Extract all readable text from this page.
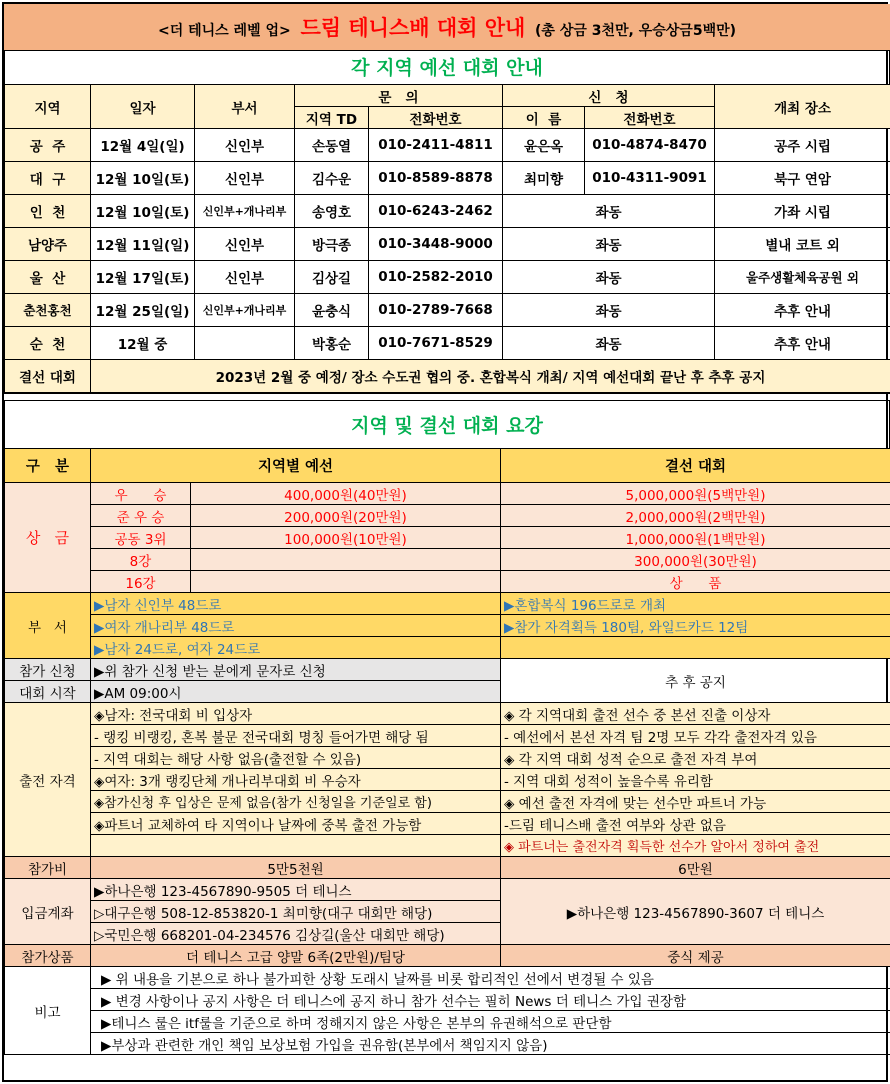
<더 테니스 레벨 업> 드림 테니스배 대회 안내 (총 상금 3천만, 우승상금5백만)
각 지역 예선 대회 안내
지역	일자	부서	문   의		신   청		개최 장소
			지역 TD	전화번호	이  름	전화번호	
공  주	12월 4일(일)	신인부	손동열	010-2411-4811	윤은옥	010-4874-8470	공주 시립
대  구	12월 10일(토)	신인부	김수운	010-8589-8878	최미향	010-4311-9091	북구 연암
인  천	12월 10일(토)	신인부+개나리부	송영호	010-6243-2462	좌동		가좌 시립
남양주	12월 11일(일)	신인부	방극종	010-3448-9000	좌동		별내 코트 외
울  산	12월 17일(토)	신인부	김상길	010-2582-2010	좌동		울주생활체육공원 외
춘천홍천	12월 25일(일)	신인부+개나리부	윤충식	010-2789-7668	좌동		추후 안내
순  천	12월 중		박홍순	010-7671-8529	좌동		추후 안내
결선 대회	2023년 2월 중 예정/ 장소 수도권 협의 중. 혼합복식 개최/ 지역 예선대회 끝난 후 추후 공지						
지역 및 결선 대회 요강
구   분	지역별 예선		결선 대회
상   금	우      승	400,000원(40만원)	5,000,000원(5백만원)
	준 우 승	200,000원(20만원)	2,000,000원(2백만원)
	공동 3위	100,000원(10만원)	1,000,000원(1백만원)
	8강		300,000원(30만원)
	16강		상      품
부   서	▶남자 신인부 48드로		▶혼합복식 196드로로 개최
	▶여자 개나리부 48드로		▶참가 자격획득 180팀, 와일드카드 12팀
	▶남자 24드로, 여자 24드로		
참가 신청	▶위 참가 신청 받는 분에게 문자로 신청		추 후 공지
대회 시작	▶AM 09:00시		
출전 자격	◈남자: 전국대회 비 입상자		◈ 각 지역대회 출전 선수 중 본선 진출 이상자
	- 랭킹 비랭킹, 혼복 불문 전국대회 명칭 들어가면 해당 됨		- 예선에서 본선 자격 팀 2명 모두 각각 출전자격 있음
	- 지역 대회는 해당 사항 없음(출전할 수 있음)		◈ 각 지역 대회 성적 순으로 출전 자격 부여
	◈여자: 3개 랭킹단체 개나리부대회 비 우승자		- 지역 대회 성적이 높을수록 유리함
	◈참가신청 후 입상은 문제 없음(참가 신청일을 기준일로 함)		◈ 예선 출전 자격에 맞는 선수만 파트너 가능
	◈파트너 교체하여 타 지역이나 날짜에 중복 출전 가능함		-드림 테니스배 출전 여부와 상관 없음
			◈ 파트너는 출전자격 획득한 선수가 알아서 정하여 출전
참가비	5만5천원		6만원
입금계좌	▶하나은행 123-4567890-9505 더 테니스		▶하나은행 123-4567890-3607 더 테니스
	▷대구은행 508-12-853820-1 최미향(대구 대회만 해당)		
	▷국민은행 668201-04-234576 김상길(울산 대회만 해당)		
참가상품	더 테니스 고급 양말 6족(2만원)/팀당		중식 제공
비고	▶ 위 내용을 기본으로 하나 불가피한 상황 도래시 날짜를 비롯 합리적인 선에서 변경될 수 있음		
	▶ 변경 사항이나 공지 사항은 더 테니스에 공지 하니 참가 선수는 필히 News 더 테니스 가입 권장함		
	▶테니스 룰은 itf룰을 기준으로 하며 정해지지 않은 사항은 본부의 유권해석으로 판단함		
	▶부상과 관련한 개인 책임 보상보험 가입을 권유함(본부에서 책임지지 않음)		
